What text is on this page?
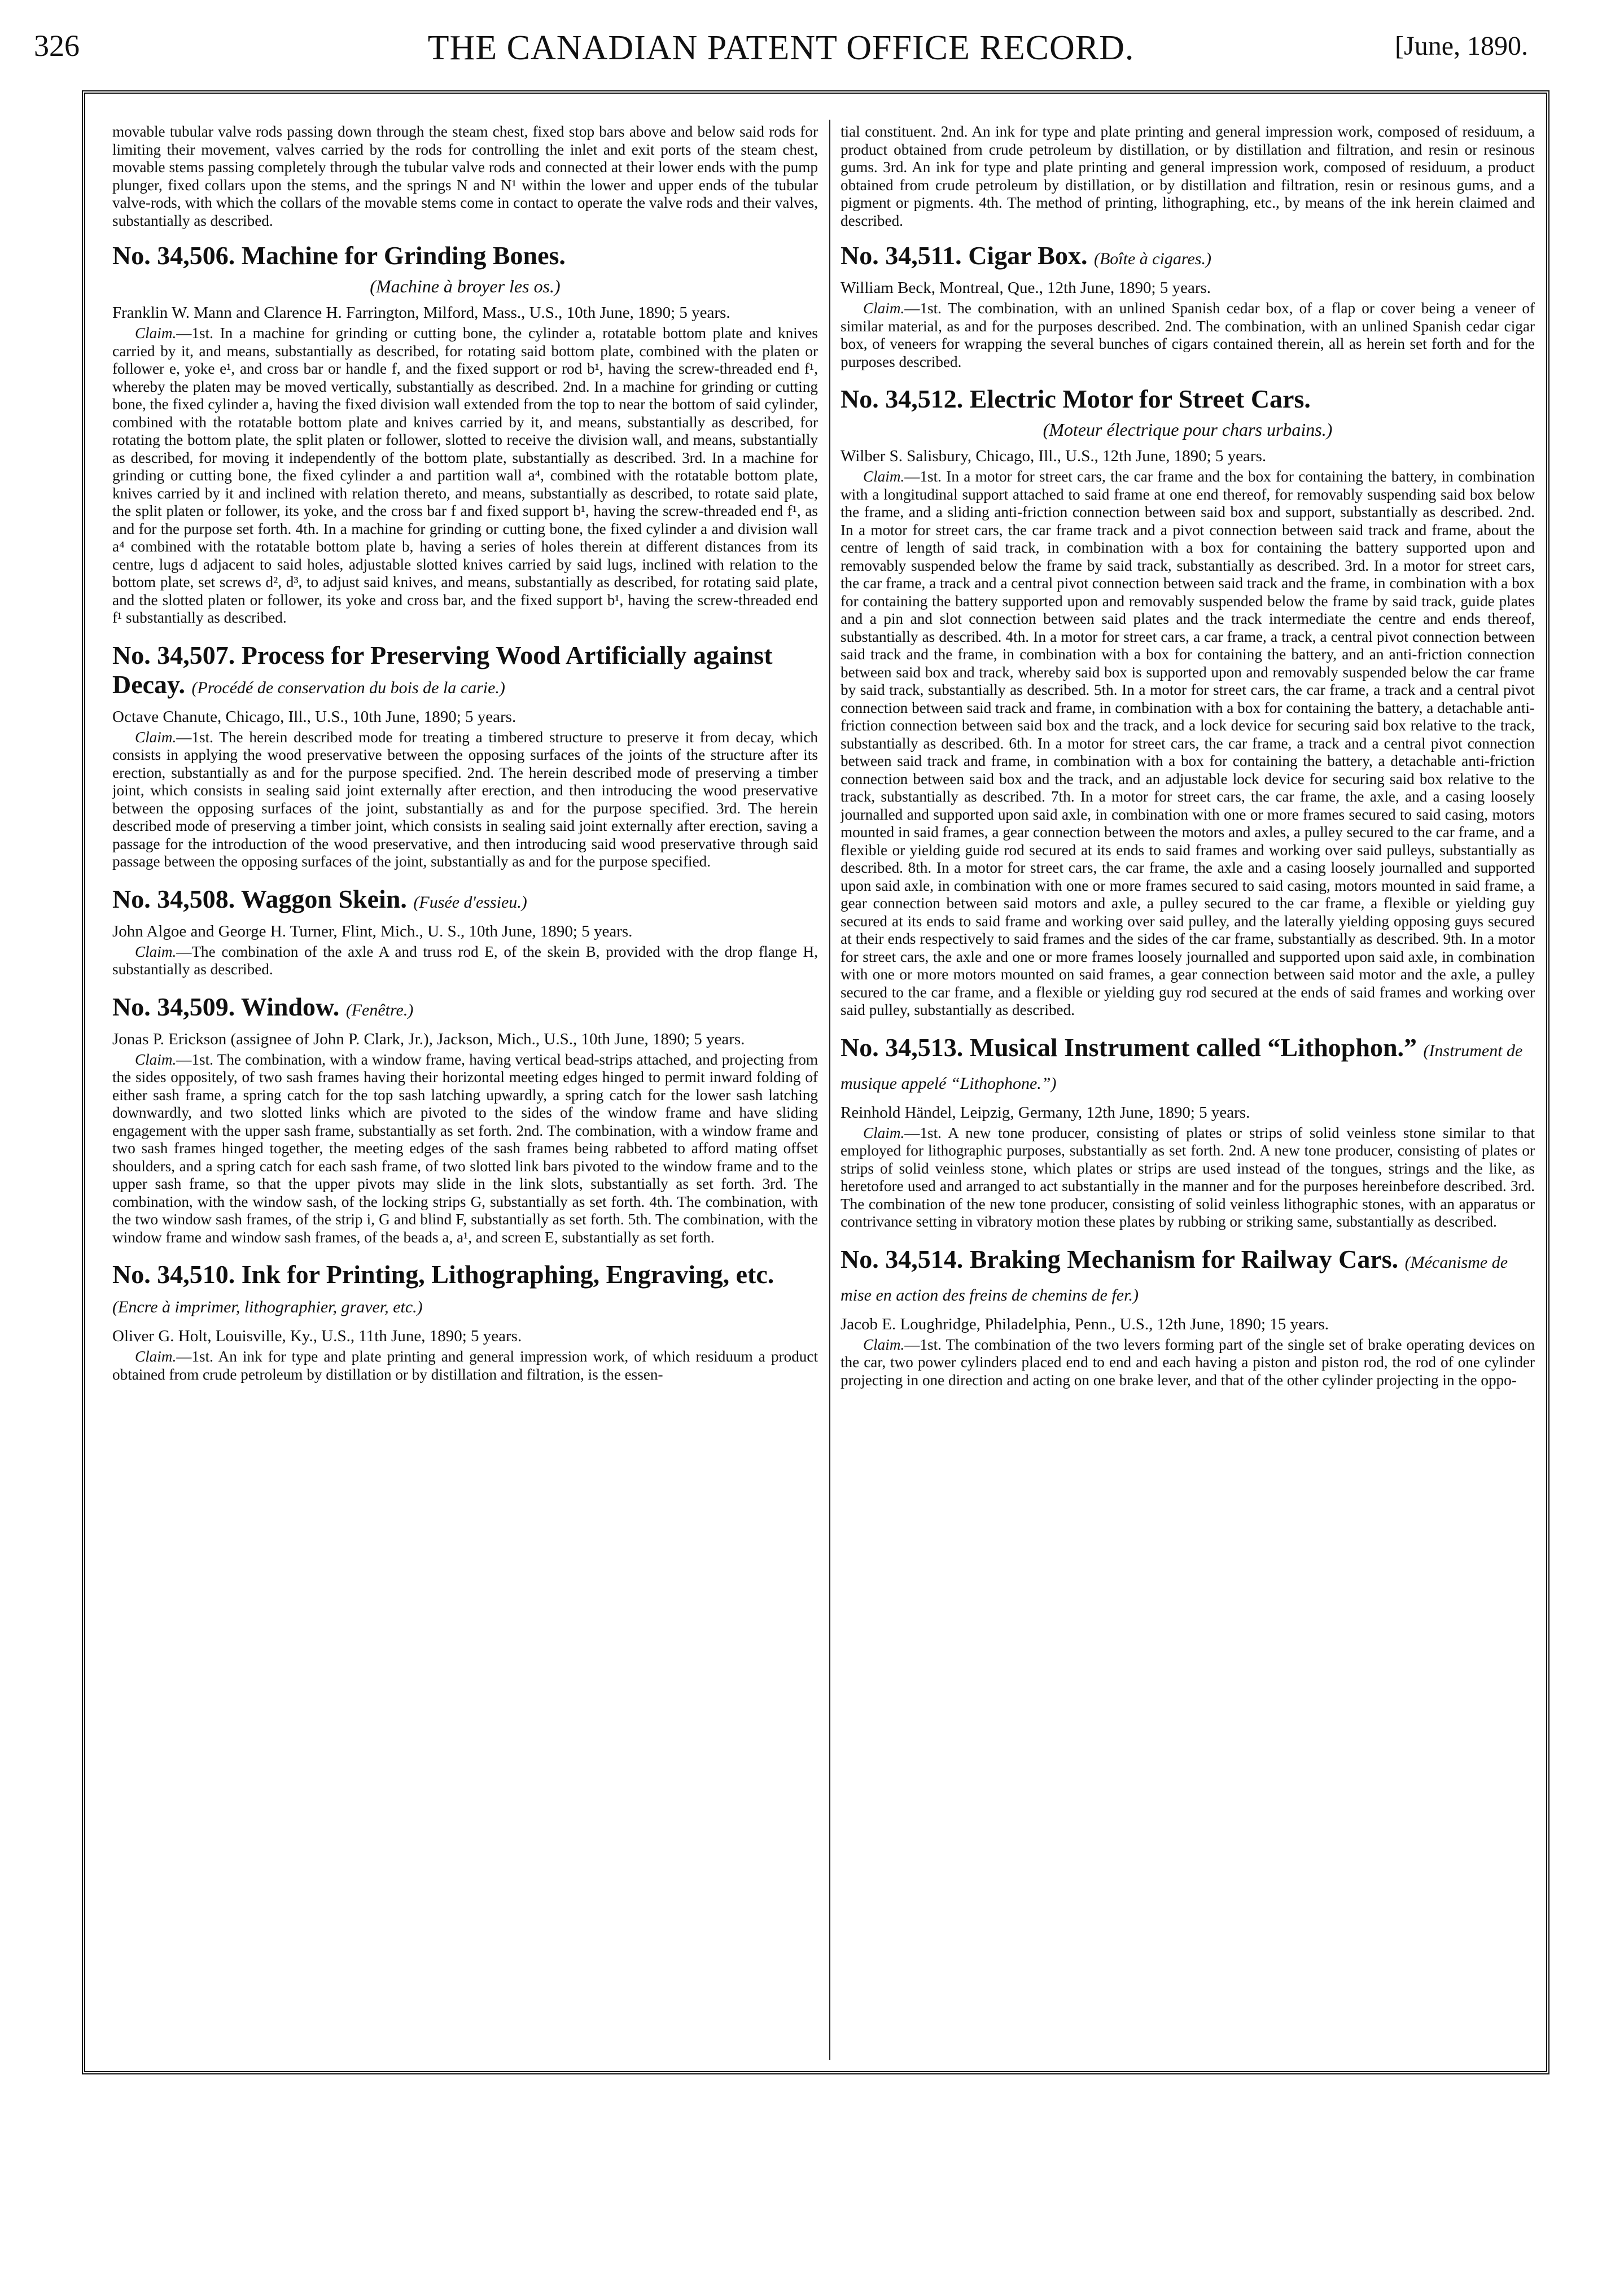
326	THE CANADIAN PATENT OFFICE RECORD.	[June, 1890.

movable tubular valve rods passing down through the steam chest, fixed stop bars above and below said rods for limiting their movement, valves carried by the rods for controlling the inlet and exit ports of the steam chest, movable stems passing completely through the tubular valve rods and connected at their lower ends with the pump plunger, fixed collars upon the stems, and the springs N and N¹ within the lower and upper ends of the tubular valve-rods, with which the collars of the movable stems come in contact to operate the valve rods and their valves, substantially as described.

No. 34,506. Machine for Grinding Bones.
(Machine à broyer les os.)

Franklin W. Mann and Clarence H. Farrington, Milford, Mass., U.S., 10th June, 1890; 5 years.

Claim.—1st. In a machine for grinding or cutting bone, the cylinder a, rotatable bottom plate and knives carried by it, and means, substantially as described, for rotating said bottom plate, combined with the platen or follower e, yoke e¹, and cross bar or handle f, and the fixed support or rod b¹, having the screw-threaded end f¹, whereby the platen may be moved vertically, substantially as described. 2nd. In a machine for grinding or cutting bone, the fixed cylinder a, having the fixed division wall extended from the top to near the bottom of said cylinder, combined with the rotatable bottom plate and knives carried by it, and means, substantially as described, for rotating the bottom plate, the split platen or follower, slotted to receive the division wall, and means, substantially as described, for moving it independently of the bottom plate, substantially as described. 3rd. In a machine for grinding or cutting bone, the fixed cylinder a and partition wall a⁴, combined with the rotatable bottom plate, knives carried by it and inclined with relation thereto, and means, substantially as described, to rotate said plate, the split platen or follower, its yoke, and the cross bar f and fixed support b¹, having the screw-threaded end f¹, as and for the purpose set forth. 4th. In a machine for grinding or cutting bone, the fixed cylinder a and division wall a⁴ combined with the rotatable bottom plate b, having a series of holes therein at different distances from its centre, lugs d adjacent to said holes, adjustable slotted knives carried by said lugs, inclined with relation to the bottom plate, set screws d², d³, to adjust said knives, and means, substantially as described, for rotating said plate, and the slotted platen or follower, its yoke and cross bar, and the fixed support b¹, having the screw-threaded end f¹ substantially as described.

No. 34,507. Process for Preserving Wood Artificially against Decay. (Procédé de conservation du bois de la carie.)

Octave Chanute, Chicago, Ill., U.S., 10th June, 1890; 5 years.

Claim.—1st. The herein described mode for treating a timbered structure to preserve it from decay, which consists in applying the wood preservative between the opposing surfaces of the joints of the structure after its erection, substantially as and for the purpose specified. 2nd. The herein described mode of preserving a timber joint, which consists in sealing said joint externally after erection, and then introducing the wood preservative between the opposing surfaces of the joint, substantially as and for the purpose specified. 3rd. The herein described mode of preserving a timber joint, which consists in sealing said joint externally after erection, saving a passage for the introduction of the wood preservative, and then introducing said wood preservative through said passage between the opposing surfaces of the joint, substantially as and for the purpose specified.

No. 34,508. Waggon Skein. (Fusée d'essieu.)

John Algoe and George H. Turner, Flint, Mich., U. S., 10th June, 1890; 5 years.

Claim.—The combination of the axle A and truss rod E, of the skein B, provided with the drop flange H, substantially as described.

No. 34,509. Window. (Fenêtre.)

Jonas P. Erickson (assignee of John P. Clark, Jr.), Jackson, Mich., U.S., 10th June, 1890; 5 years.

Claim.—1st. The combination, with a window frame, having vertical bead-strips attached, and projecting from the sides oppositely, of two sash frames having their horizontal meeting edges hinged to permit inward folding of either sash frame, a spring catch for the top sash latching upwardly, a spring catch for the lower sash latching downwardly, and two slotted links which are pivoted to the sides of the window frame and have sliding engagement with the upper sash frame, substantially as set forth. 2nd. The combination, with a window frame and two sash frames hinged together, the meeting edges of the sash frames being rabbeted to afford mating offset shoulders, and a spring catch for each sash frame, of two slotted link bars pivoted to the window frame and to the upper sash frame, so that the upper pivots may slide in the link slots, substantially as set forth. 3rd. The combination, with the window sash, of the locking strips G, substantially as set forth. 4th. The combination, with the two window sash frames, of the strip i, G and blind F, substantially as set forth. 5th. The combination, with the window frame and window sash frames, of the beads a, a¹, and screen E, substantially as set forth.

No. 34,510. Ink for Printing, Lithographing, Engraving, etc. (Encre à imprimer, lithographier, graver, etc.)

Oliver G. Holt, Louisville, Ky., U.S., 11th June, 1890; 5 years.

Claim.—1st. An ink for type and plate printing and general impression work, of which residuum a product obtained from crude petroleum by distillation or by distillation and filtration, is the essen-

tial constituent. 2nd. An ink for type and plate printing and general impression work, composed of residuum, a product obtained from crude petroleum by distillation, or by distillation and filtration, and resin or resinous gums. 3rd. An ink for type and plate printing and general impression work, composed of residuum, a product obtained from crude petroleum by distillation, or by distillation and filtration, resin or resinous gums, and a pigment or pigments. 4th. The method of printing, lithographing, etc., by means of the ink herein claimed and described.

No. 34,511. Cigar Box. (Boîte à cigares.)

William Beck, Montreal, Que., 12th June, 1890; 5 years.

Claim.—1st. The combination, with an unlined Spanish cedar box, of a flap or cover being a veneer of similar material, as and for the purposes described. 2nd. The combination, with an unlined Spanish cedar cigar box, of veneers for wrapping the several bunches of cigars contained therein, all as herein set forth and for the purposes described.

No. 34,512. Electric Motor for Street Cars.
(Moteur électrique pour chars urbains.)

Wilber S. Salisbury, Chicago, Ill., U.S., 12th June, 1890; 5 years.

Claim.—1st. In a motor for street cars, the car frame and the box for containing the battery, in combination with a longitudinal support attached to said frame at one end thereof, for removably suspending said box below the frame, and a sliding anti-friction connection between said box and support, substantially as described. 2nd. In a motor for street cars, the car frame track and a pivot connection between said track and frame, about the centre of length of said track, in combination with a box for containing the battery supported upon and removably suspended below the frame by said track, substantially as described. 3rd. In a motor for street cars, the car frame, a track and a central pivot connection between said track and the frame, in combination with a box for containing the battery supported upon and removably suspended below the frame by said track, guide plates and a pin and slot connection between said plates and the track intermediate the centre and ends thereof, substantially as described. 4th. In a motor for street cars, a car frame, a track, a central pivot connection between said track and the frame, in combination with a box for containing the battery, and an anti-friction connection between said box and track, whereby said box is supported upon and removably suspended below the car frame by said track, substantially as described. 5th. In a motor for street cars, the car frame, a track and a central pivot connection between said track and frame, in combination with a box for containing the battery, a detachable anti-friction connection between said box and the track, and a lock device for securing said box relative to the track, substantially as described. 6th. In a motor for street cars, the car frame, a track and a central pivot connection between said track and frame, in combination with a box for containing the battery, a detachable anti-friction connection between said box and the track, and an adjustable lock device for securing said box relative to the track, substantially as described. 7th. In a motor for street cars, the car frame, the axle, and a casing loosely journalled and supported upon said axle, in combination with one or more frames secured to said casing, motors mounted in said frames, a gear connection between the motors and axles, a pulley secured to the car frame, and a flexible or yielding guide rod secured at its ends to said frames and working over said pulleys, substantially as described. 8th. In a motor for street cars, the car frame, the axle and a casing loosely journalled and supported upon said axle, in combination with one or more frames secured to said casing, motors mounted in said frame, a gear connection between said motors and axle, a pulley secured to the car frame, a flexible or yielding guy secured at its ends to said frame and working over said pulley, and the laterally yielding opposing guys secured at their ends respectively to said frames and the sides of the car frame, substantially as described. 9th. In a motor for street cars, the axle and one or more frames loosely journalled and supported upon said axle, in combination with one or more motors mounted on said frames, a gear connection between said motor and the axle, a pulley secured to the car frame, and a flexible or yielding guy rod secured at the ends of said frames and working over said pulley, substantially as described.

No. 34,513. Musical Instrument called “Lithophon.” (Instrument de musique appelé “Lithophone.”)

Reinhold Händel, Leipzig, Germany, 12th June, 1890; 5 years.

Claim.—1st. A new tone producer, consisting of plates or strips of solid veinless stone similar to that employed for lithographic purposes, substantially as set forth. 2nd. A new tone producer, consisting of plates or strips of solid veinless stone, which plates or strips are used instead of the tongues, strings and the like, as heretofore used and arranged to act substantially in the manner and for the purposes hereinbefore described. 3rd. The combination of the new tone producer, consisting of solid veinless lithographic stones, with an apparatus or contrivance setting in vibratory motion these plates by rubbing or striking same, substantially as described.

No. 34,514. Braking Mechanism for Railway Cars. (Mécanisme de mise en action des freins de chemins de fer.)

Jacob E. Loughridge, Philadelphia, Penn., U.S., 12th June, 1890; 15 years.

Claim.—1st. The combination of the two levers forming part of the single set of brake operating devices on the car, two power cylinders placed end to end and each having a piston and piston rod, the rod of one cylinder projecting in one direction and acting on one brake lever, and that of the other cylinder projecting in the oppo-
